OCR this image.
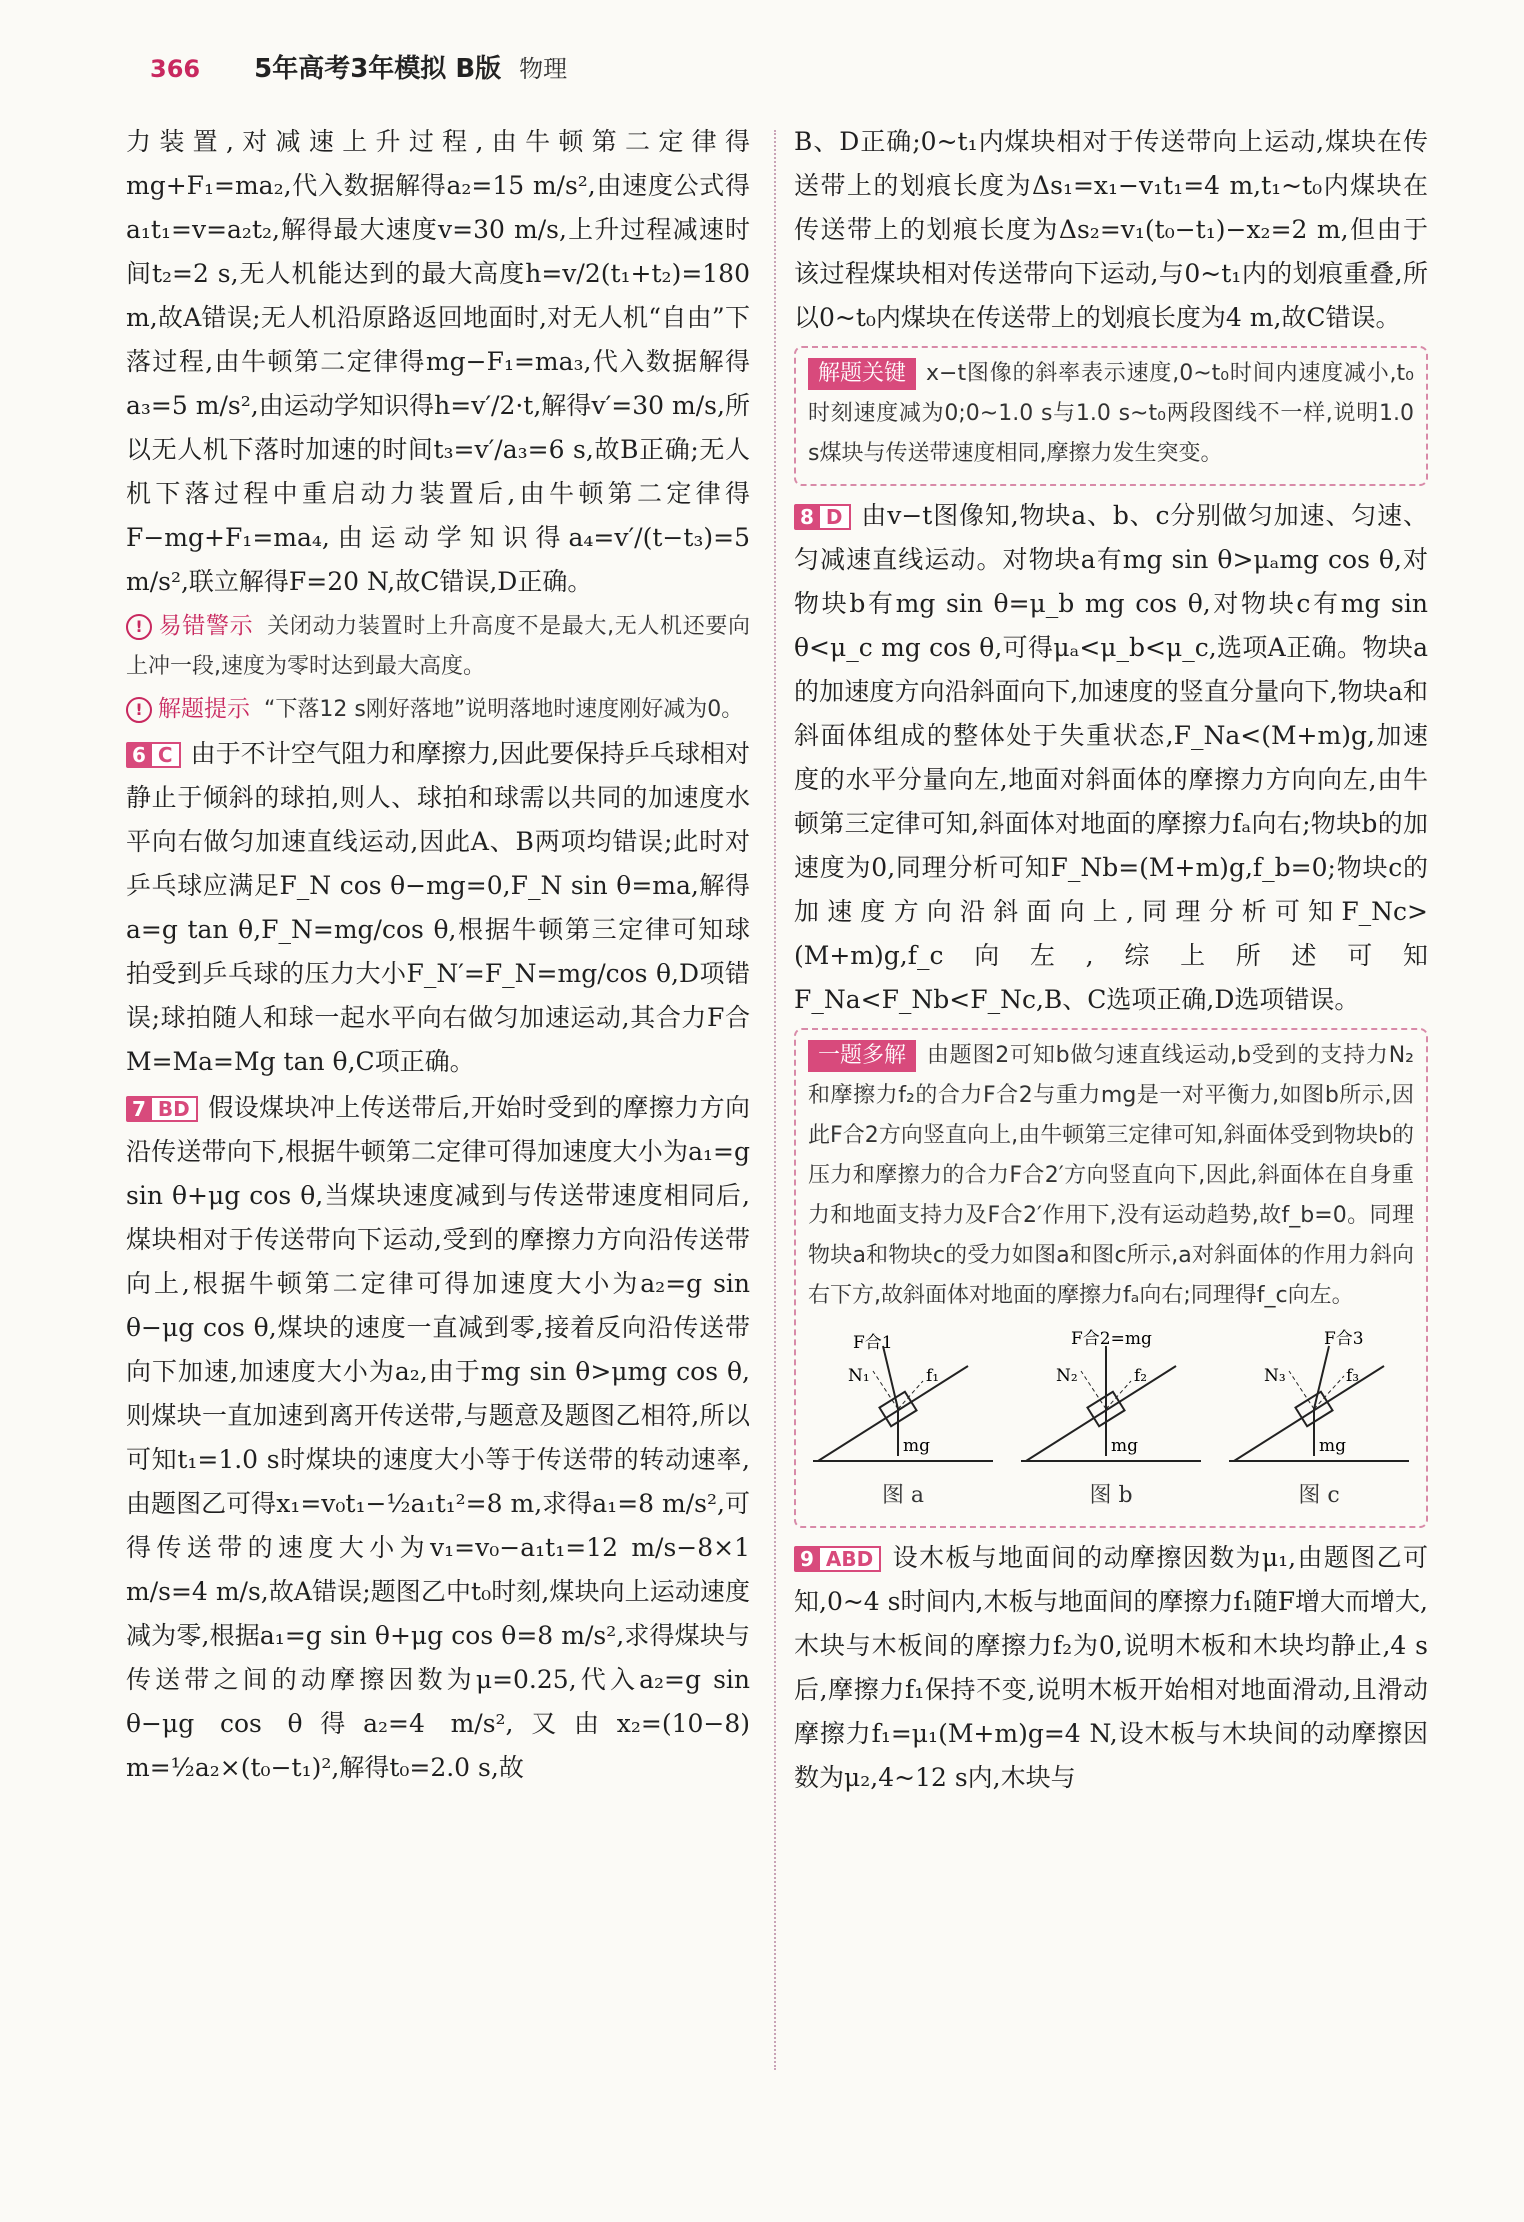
366 5年高考3年模拟 B版 物理

力装置,对减速上升过程,由牛顿第二定律得mg+F₁=ma₂,代入数据解得a₂=15 m/s²,由速度公式得a₁t₁=v=a₂t₂,解得最大速度v=30 m/s,上升过程减速时间t₂=2 s,无人机能达到的最大高度h=v/2(t₁+t₂)=180 m,故A错误;无人机沿原路返回地面时,对无人机“自由”下落过程,由牛顿第二定律得mg−F₁=ma₃,代入数据解得a₃=5 m/s²,由运动学知识得h=v′/2·t,解得v′=30 m/s,所以无人机下落时加速的时间t₃=v′/a₃=6 s,故B正确;无人机下落过程中重启动力装置后,由牛顿第二定律得F−mg+F₁=ma₄,由运动学知识得a₄=v′/(t−t₃)=5 m/s²,联立解得F=20 N,故C错误,D正确。

! 易错警示 关闭动力装置时上升高度不是最大,无人机还要向上冲一段,速度为零时达到最大高度。

! 解题提示 “下落12 s刚好落地”说明落地时速度刚好减为0。

6 C 由于不计空气阻力和摩擦力,因此要保持乒乓球相对静止于倾斜的球拍,则人、球拍和球需以共同的加速度水平向右做匀加速直线运动,因此A、B两项均错误;此时对乒乓球应满足F_N cos θ−mg=0,F_N sin θ=ma,解得a=g tan θ,F_N=mg/cos θ,根据牛顿第三定律可知球拍受到乒乓球的压力大小F_N′=F_N=mg/cos θ,D项错误;球拍随人和球一起水平向右做匀加速运动,其合力F合M=Ma=Mg tan θ,C项正确。

7 BD 假设煤块冲上传送带后,开始时受到的摩擦力方向沿传送带向下,根据牛顿第二定律可得加速度大小为a₁=g sin θ+μg cos θ,当煤块速度减到与传送带速度相同后,煤块相对于传送带向下运动,受到的摩擦力方向沿传送带向上,根据牛顿第二定律可得加速度大小为a₂=g sin θ−μg cos θ,煤块的速度一直减到零,接着反向沿传送带向下加速,加速度大小为a₂,由于mg sin θ>μmg cos θ,则煤块一直加速到离开传送带,与题意及题图乙相符,所以可知t₁=1.0 s时煤块的速度大小等于传送带的转动速率,由题图乙可得x₁=v₀t₁−½a₁t₁²=8 m,求得a₁=8 m/s²,可得传送带的速度大小为v₁=v₀−a₁t₁=12 m/s−8×1 m/s=4 m/s,故A错误;题图乙中t₀时刻,煤块向上运动速度减为零,根据a₁=g sin θ+μg cos θ=8 m/s²,求得煤块与传送带之间的动摩擦因数为μ=0.25,代入a₂=g sin θ−μg cos θ得a₂=4 m/s²,又由x₂=(10−8) m=½a₂×(t₀−t₁)²,解得t₀=2.0 s,故

B、D正确;0~t₁内煤块相对于传送带向上运动,煤块在传送带上的划痕长度为Δs₁=x₁−v₁t₁=4 m,t₁~t₀内煤块在传送带上的划痕长度为Δs₂=v₁(t₀−t₁)−x₂=2 m,但由于该过程煤块相对传送带向下运动,与0~t₁内的划痕重叠,所以0~t₀内煤块在传送带上的划痕长度为4 m,故C错误。

解题关键 x−t图像的斜率表示速度,0~t₀时间内速度减小,t₀时刻速度减为0;0~1.0 s与1.0 s~t₀两段图线不一样,说明1.0 s煤块与传送带速度相同,摩擦力发生突变。

8 D 由v−t图像知,物块a、b、c分别做匀加速、匀速、匀减速直线运动。对物块a有mg sin θ>μₐmg cos θ,对物块b有mg sin θ=μ_b mg cos θ,对物块c有mg sin θ<μ_c mg cos θ,可得μₐ<μ_b<μ_c,选项A正确。物块a的加速度方向沿斜面向下,加速度的竖直分量向下,物块a和斜面体组成的整体处于失重状态,F_Na<(M+m)g,加速度的水平分量向左,地面对斜面体的摩擦力方向向左,由牛顿第三定律可知,斜面体对地面的摩擦力fₐ向右;物块b的加速度为0,同理分析可知F_Nb=(M+m)g,f_b=0;物块c的加速度方向沿斜面向上,同理分析可知F_Nc>(M+m)g,f_c向左,综上所述可知F_Na<F_Nb<F_Nc,B、C选项正确,D选项错误。

一题多解 由题图2可知b做匀速直线运动,b受到的支持力N₂和摩擦力f₂的合力F合2与重力mg是一对平衡力,如图b所示,因此F合2方向竖直向上,由牛顿第三定律可知,斜面体受到物块b的压力和摩擦力的合力F合2′方向竖直向下,因此,斜面体在自身重力和地面支持力及F合2′作用下,没有运动趋势,故f_b=0。同理物块a和物块c的受力如图a和图c所示,a对斜面体的作用力斜向右下方,故斜面体对地面的摩擦力fₐ向右;同理得f_c向左。
F合1
N₁	f₁
mg
图 a
F合2=mg
N₂	f₂
mg
图 b
F合3
N₃	f₃
mg
图 c

9 ABD 设木板与地面间的动摩擦因数为μ₁,由题图乙可知,0~4 s时间内,木板与地面间的摩擦力f₁随F增大而增大,木块与木板间的摩擦力f₂为0,说明木板和木块均静止,4 s后,摩擦力f₁保持不变,说明木板开始相对地面滑动,且滑动摩擦力f₁=μ₁(M+m)g=4 N,设木板与木块间的动摩擦因数为μ₂,4~12 s内,木块与
